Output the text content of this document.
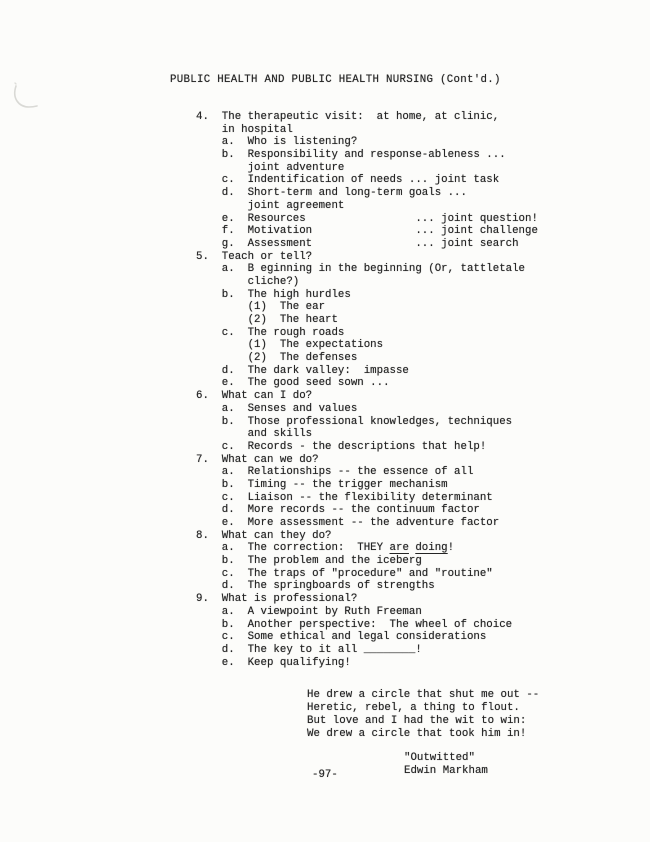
PUBLIC HEALTH AND PUBLIC HEALTH NURSING (Cont'd.)
4.  The therapeutic visit:  at home, at clinic,
in hospital
a.  Who is listening?
b.  Responsibility and response-ableness ...
joint adventure
c.  Indentification of needs ... joint task
d.  Short-term and long-term goals ...
joint agreement
e.  Resources                 ... joint question!
f.  Motivation                ... joint challenge
g.  Assessment                ... joint search
5.  Teach or tell?
a.  B eginning in the beginning (Or, tattletale
cliche?)
b.  The high hurdles
(1)  The ear
(2)  The heart
c.  The rough roads
(1)  The expectations
(2)  The defenses
d.  The dark valley:  impasse
e.  The good seed sown ...
6.  What can I do?
a.  Senses and values
b.  Those professional knowledges, techniques
and skills
c.  Records - the descriptions that help!
7.  What can we do?
a.  Relationships -- the essence of all
b.  Timing -- the trigger mechanism
c.  Liaison -- the flexibility determinant
d.  More records -- the continuum factor
e.  More assessment -- the adventure factor
8.  What can they do?
a.  The correction:  THEY are doing!
b.  The problem and the iceberg
c.  The traps of "procedure" and "routine"
d.  The springboards of strengths
9.  What is professional?
a.  A viewpoint by Ruth Freeman
b.  Another perspective:  The wheel of choice
c.  Some ethical and legal considerations
d.  The key to it all ________!
e.  Keep qualifying!
He drew a circle that shut me out --
Heretic, rebel, a thing to flout.
But love and I had the wit to win:
We drew a circle that took him in!
"Outwitted"
Edwin Markham
-97-
